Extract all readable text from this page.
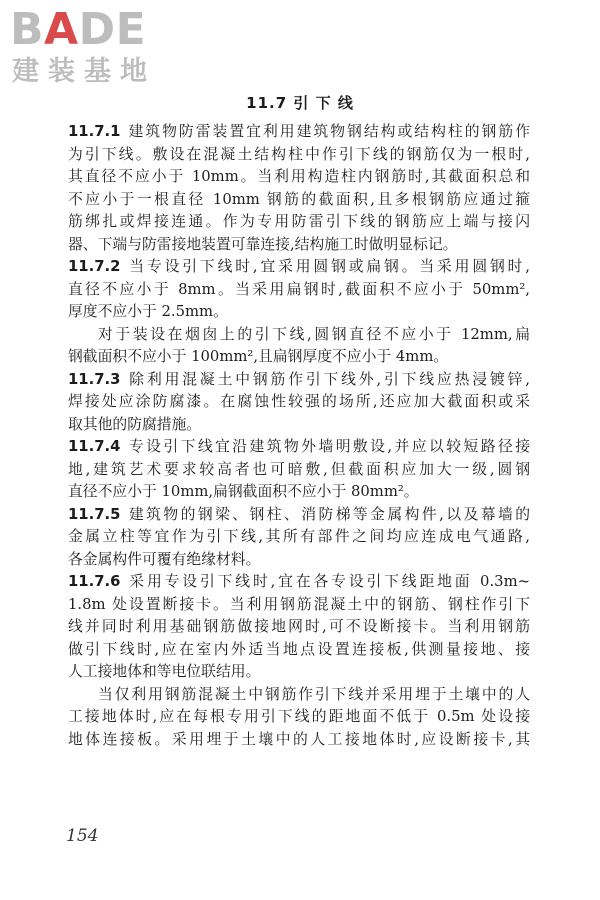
BADE
建装基地
11.7 引 下 线
11.7.1 建筑物防雷装置宜利用建筑物钢结构或结构柱的钢筋作
为引下线。敷设在混凝土结构柱中作引下线的钢筋仅为一根时,
其直径不应小于 10mm。当利用构造柱内钢筋时,其截面积总和
不应小于一根直径 10mm 钢筋的截面积,且多根钢筋应通过箍
筋绑扎或焊接连通。作为专用防雷引下线的钢筋应上端与接闪
器、下端与防雷接地装置可靠连接,结构施工时做明显标记。
11.7.2 当专设引下线时,宜采用圆钢或扁钢。当采用圆钢时,
直径不应小于 8mm。当采用扁钢时,截面积不应小于 50mm²,
厚度不应小于 2.5mm。
对于装设在烟囱上的引下线,圆钢直径不应小于 12mm,扁
钢截面积不应小于 100mm²,且扁钢厚度不应小于 4mm。
11.7.3 除利用混凝土中钢筋作引下线外,引下线应热浸镀锌,
焊接处应涂防腐漆。在腐蚀性较强的场所,还应加大截面积或采
取其他的防腐措施。
11.7.4 专设引下线宜沿建筑物外墙明敷设,并应以较短路径接
地,建筑艺术要求较高者也可暗敷,但截面积应加大一级,圆钢
直径不应小于 10mm,扁钢截面积不应小于 80mm²。
11.7.5 建筑物的钢梁、钢柱、消防梯等金属构件,以及幕墙的
金属立柱等宜作为引下线,其所有部件之间均应连成电气通路,
各金属构件可覆有绝缘材料。
11.7.6 采用专设引下线时,宜在各专设引下线距地面 0.3m~
1.8m 处设置断接卡。当利用钢筋混凝土中的钢筋、钢柱作引下
线并同时利用基础钢筋做接地网时,可不设断接卡。当利用钢筋
做引下线时,应在室内外适当地点设置连接板,供测量接地、接
人工接地体和等电位联结用。
当仅利用钢筋混凝土中钢筋作引下线并采用埋于土壤中的人
工接地体时,应在每根专用引下线的距地面不低于 0.5m 处设接
地体连接板。采用埋于土壤中的人工接地体时,应设断接卡,其
154
